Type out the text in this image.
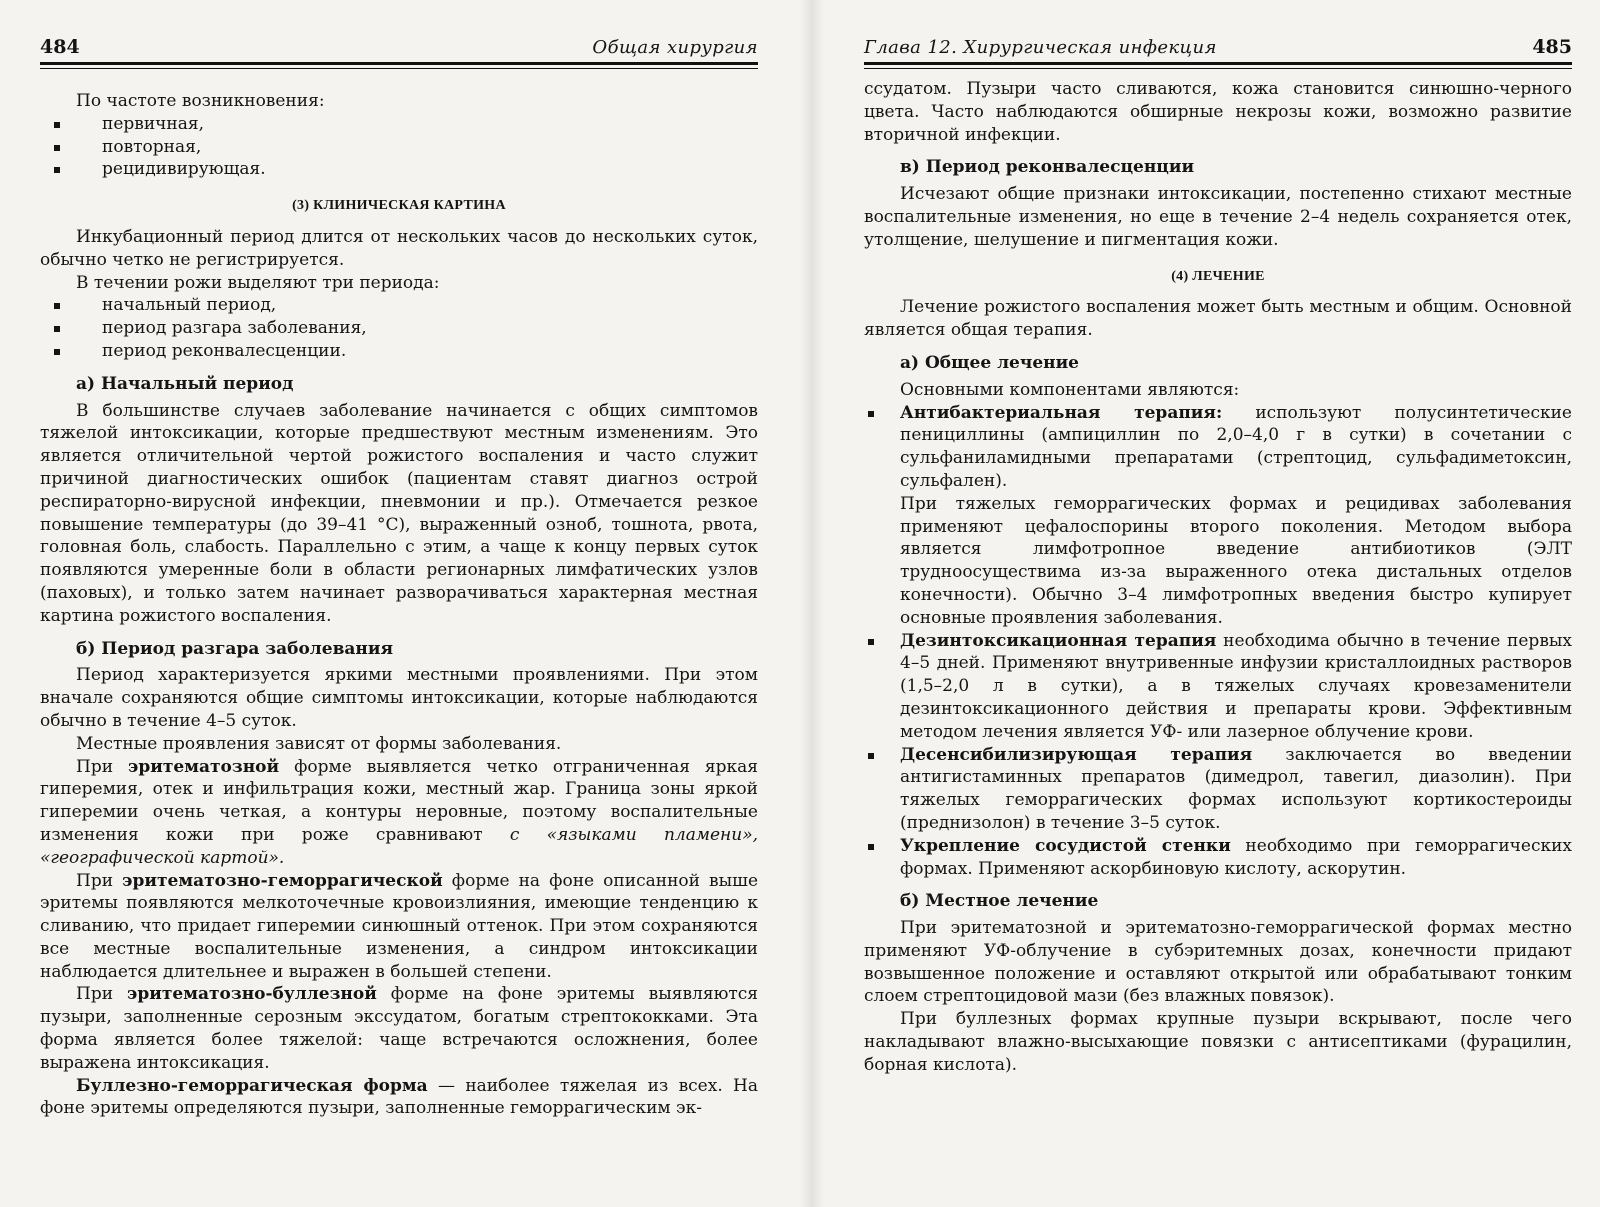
484	Общая хирургия

По частоте возникновения:

первичная,
повторная,
рецидивирующая.
(3) КЛИНИЧЕСКАЯ КАРТИНА

Инкубационный период длится от нескольких часов до нескольких суток, обычно четко не регистрируется.

В течении рожи выделяют три периода:

начальный период,
период разгара заболевания,
период реконвалесценции.
а) Начальный период

В большинстве случаев заболевание начинается с общих симптомов тяжелой интоксикации, которые предшествуют местным изменениям. Это является отличительной чертой рожистого воспаления и часто служит причиной диагностических ошибок (пациентам ставят диагноз острой респираторно-вирусной инфекции, пневмонии и пр.). Отмечается резкое повышение температуры (до 39–41 °С), выраженный озноб, тошнота, рвота, головная боль, слабость. Параллельно с этим, а чаще к концу первых суток появляются умеренные боли в области регионарных лимфатических узлов (паховых), и только затем начинает разворачиваться характерная местная картина рожистого воспаления.

б) Период разгара заболевания

Период характеризуется яркими местными проявлениями. При этом вначале сохраняются общие симптомы интоксикации, которые наблюдаются обычно в течение 4–5 суток.

Местные проявления зависят от формы заболевания.

При эритематозной форме выявляется четко отграниченная яркая гиперемия, отек и инфильтрация кожи, местный жар. Граница зоны яркой гиперемии очень четкая, а контуры неровные, поэтому воспалительные изменения кожи при роже сравнивают с «языками пламени», «географической картой».

При эритематозно-геморрагической форме на фоне описанной выше эритемы появляются мелкоточечные кровоизлияния, имеющие тенденцию к сливанию, что придает гиперемии синюшный оттенок. При этом сохраняются все местные воспалительные изменения, а синдром интоксикации наблюдается длительнее и выражен в большей степени.

При эритематозно-буллезной форме на фоне эритемы выявляются пузыри, заполненные серозным экссудатом, богатым стрептококками. Эта форма является более тяжелой: чаще встречаются осложнения, более выражена интоксикация.

Буллезно-геморрагическая форма — наиболее тяжелая из всех. На фоне эритемы определяются пузыри, заполненные геморрагическим эк-

Глава 12. Хирургическая инфекция	485

ссудатом. Пузыри часто сливаются, кожа становится синюшно-черного цвета. Часто наблюдаются обширные некрозы кожи, возможно развитие вторичной инфекции.

в) Период реконвалесценции

Исчезают общие признаки интоксикации, постепенно стихают местные воспалительные изменения, но еще в течение 2–4 недель сохраняется отек, утолщение, шелушение и пигментация кожи.

(4) ЛЕЧЕНИЕ

Лечение рожистого воспаления может быть местным и общим. Основной является общая терапия.

а) Общее лечение

Основными компонентами являются:

Антибактериальная терапия: используют полусинтетические пенициллины (ампициллин по 2,0–4,0 г в сутки) в сочетании с сульфаниламидными препаратами (стрептоцид, сульфадиметоксин, сульфален).
При тяжелых геморрагических формах и рецидивах заболевания применяют цефалоспорины второго поколения. Методом выбора является лимфотропное введение антибиотиков (ЭЛТ трудноосуществима из-за выраженного отека дистальных отделов конечности). Обычно 3–4 лимфотропных введения быстро купирует основные проявления заболевания.
Дезинтоксикационная терапия необходима обычно в течение первых 4–5 дней. Применяют внутривенные инфузии кристаллоидных растворов (1,5–2,0 л в сутки), а в тяжелых случаях кровезаменители дезинтоксикационного действия и препараты крови. Эффективным методом лечения является УФ- или лазерное облучение крови.
Десенсибилизирующая терапия заключается во введении антигистаминных препаратов (димедрол, тавегил, диазолин). При тяжелых геморрагических формах используют кортикостероиды (преднизолон) в течение 3–5 суток.
Укрепление сосудистой стенки необходимо при геморрагических формах. Применяют аскорбиновую кислоту, аскорутин.
б) Местное лечение

При эритематозной и эритематозно-геморрагической формах местно применяют УФ-облучение в субэритемных дозах, конечности придают возвышенное положение и оставляют открытой или обрабатывают тонким слоем стрептоцидовой мази (без влажных повязок).

При буллезных формах крупные пузыри вскрывают, после чего накладывают влажно-высыхающие повязки с антисептиками (фурацилин, борная кислота).
